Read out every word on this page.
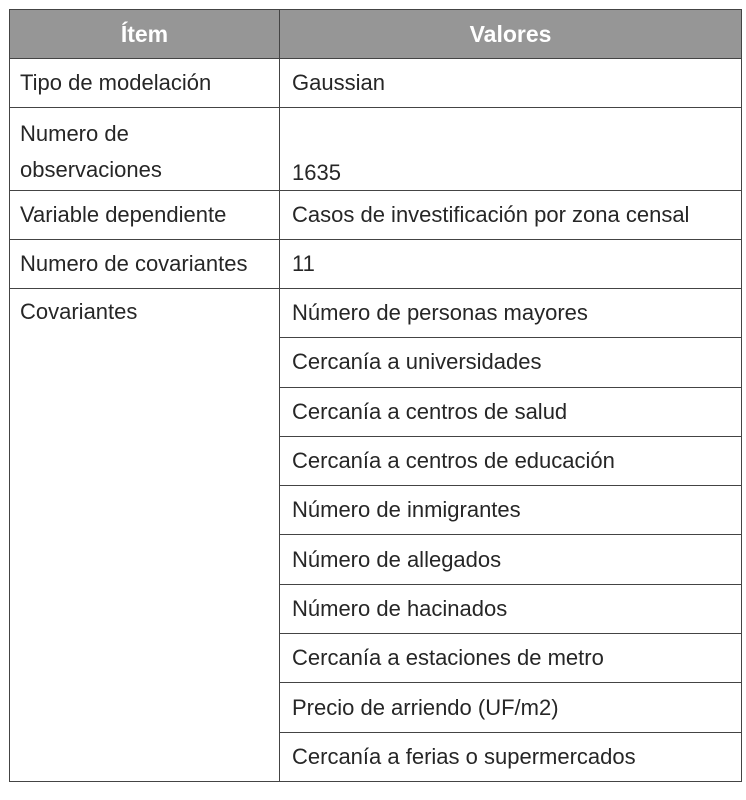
Ítem	Valores
Tipo de modelación	Gaussian
Numero de observaciones	1635
Variable dependiente	Casos de investificación por zona censal
Numero de covariantes	11
Covariantes	Número de personas mayores
	Cercanía a universidades
	Cercanía a centros de salud
	Cercanía a centros de educación
	Número de inmigrantes
	Número de allegados
	Número de hacinados
	Cercanía a estaciones de metro
	Precio de arriendo (UF/m2)
	Cercanía a ferias o supermercados
